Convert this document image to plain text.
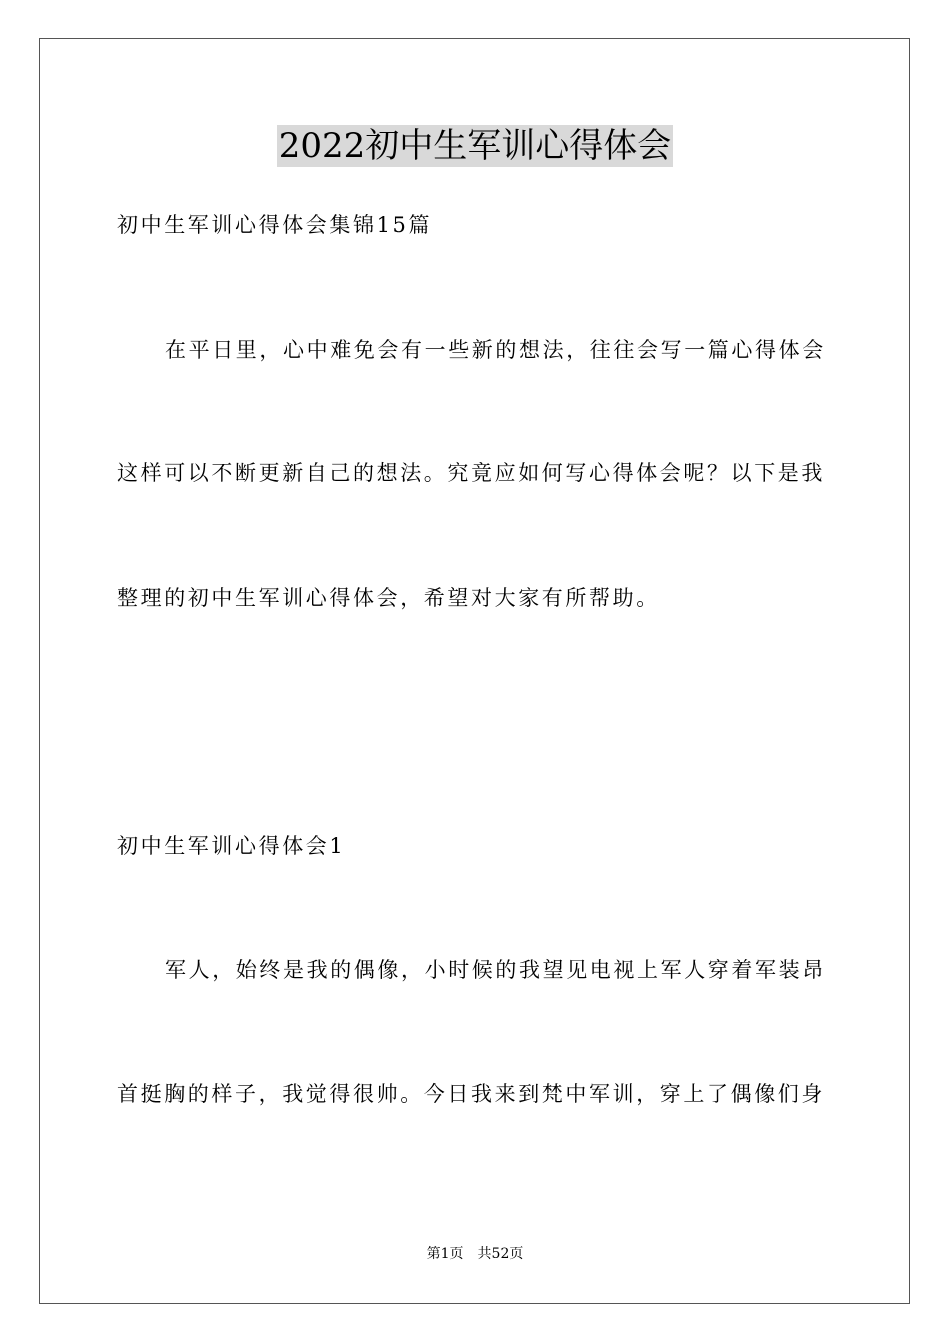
2022初中生军训心得体会
初中生军训心得体会集锦15篇
在平日里，心中难免会有一些新的想法，往往会写一篇心得体会
这样可以不断更新自己的想法。究竟应如何写心得体会呢？以下是我
整理的初中生军训心得体会，希望对大家有所帮助。
初中生军训心得体会1
军人，始终是我的偶像，小时候的我望见电视上军人穿着军装昂
首挺胸的样子，我觉得很帅。今日我来到梵中军训，穿上了偶像们身
第1页　共52页
